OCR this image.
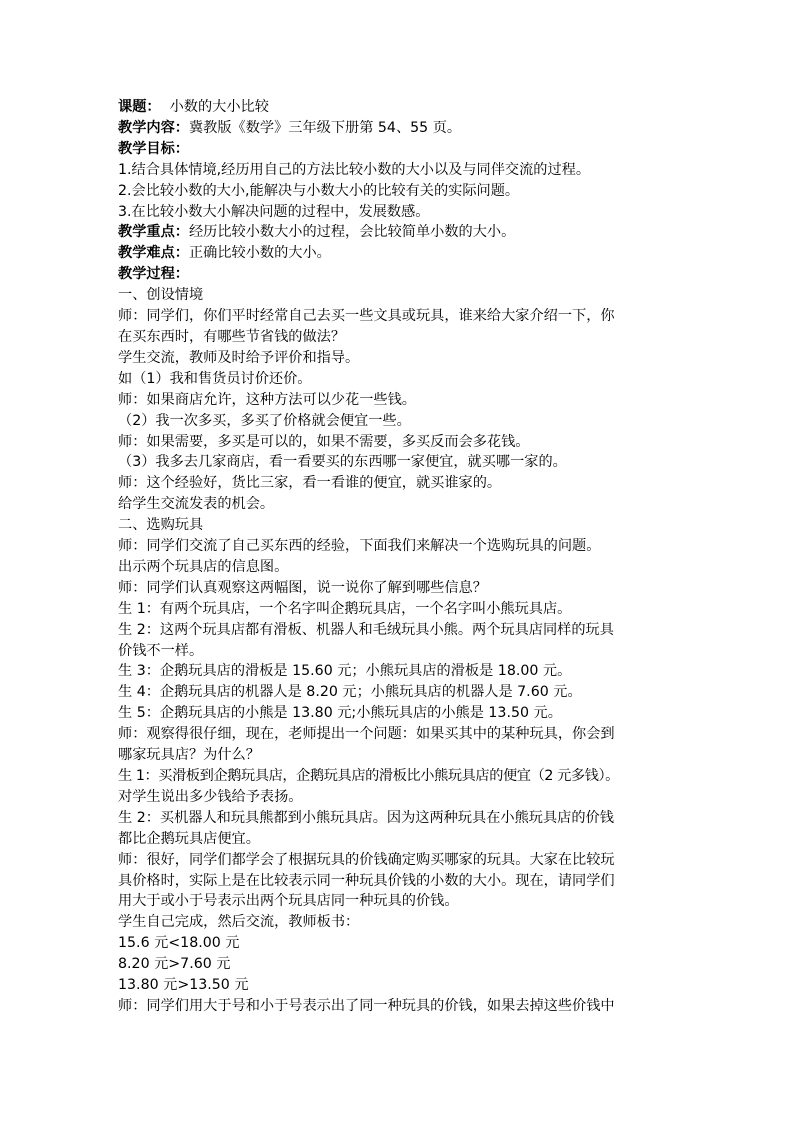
课题：  小数的大小比较
教学内容：冀教版《数学》三年级下册第 54、55 页。
教学目标：
1.结合具体情境,经历用自己的方法比较小数的大小以及与同伴交流的过程。
2.会比较小数的大小,能解决与小数大小的比较有关的实际问题。
3.在比较小数大小解决问题的过程中，发展数感。
教学重点：经历比较小数大小的过程，会比较简单小数的大小。
教学难点：正确比较小数的大小。
教学过程：
一、创设情境
师：同学们，你们平时经常自己去买一些文具或玩具，谁来给大家介绍一下，你
在买东西时，有哪些节省钱的做法？
学生交流，教师及时给予评价和指导。
如（1）我和售货员讨价还价。
师：如果商店允许，这种方法可以少花一些钱。
（2）我一次多买，多买了价格就会便宜一些。
师：如果需要，多买是可以的，如果不需要，多买反而会多花钱。
（3）我多去几家商店，看一看要买的东西哪一家便宜，就买哪一家的。
师：这个经验好，货比三家，看一看谁的便宜，就买谁家的。
给学生交流发表的机会。
二、选购玩具
师：同学们交流了自己买东西的经验，下面我们来解决一个选购玩具的问题。
出示两个玩具店的信息图。
师：同学们认真观察这两幅图，说一说你了解到哪些信息？
生 1：有两个玩具店，一个名字叫企鹅玩具店，一个名字叫小熊玩具店。
生 2：这两个玩具店都有滑板、机器人和毛绒玩具小熊。两个玩具店同样的玩具
价钱不一样。
生 3：企鹅玩具店的滑板是 15.60 元；小熊玩具店的滑板是 18.00 元。
生 4：企鹅玩具店的机器人是 8.20 元；小熊玩具店的机器人是 7.60 元。
生 5：企鹅玩具店的小熊是 13.80 元;小熊玩具店的小熊是 13.50 元。
师：观察得很仔细，现在，老师提出一个问题：如果买其中的某种玩具，你会到
哪家玩具店？为什么？
生 1：买滑板到企鹅玩具店，企鹅玩具店的滑板比小熊玩具店的便宜（2 元多钱）。
对学生说出多少钱给予表扬。
生 2：买机器人和玩具熊都到小熊玩具店。因为这两种玩具在小熊玩具店的价钱
都比企鹅玩具店便宜。
师：很好，同学们都学会了根据玩具的价钱确定购买哪家的玩具。大家在比较玩
具价格时，实际上是在比较表示同一种玩具价钱的小数的大小。现在，请同学们
用大于或小于号表示出两个玩具店同一种玩具的价钱。
学生自己完成，然后交流，教师板书：
15.6 元<18.00 元
8.20 元>7.60 元
13.80 元>13.50 元
师：同学们用大于号和小于号表示出了同一种玩具的价钱，如果去掉这些价钱中
